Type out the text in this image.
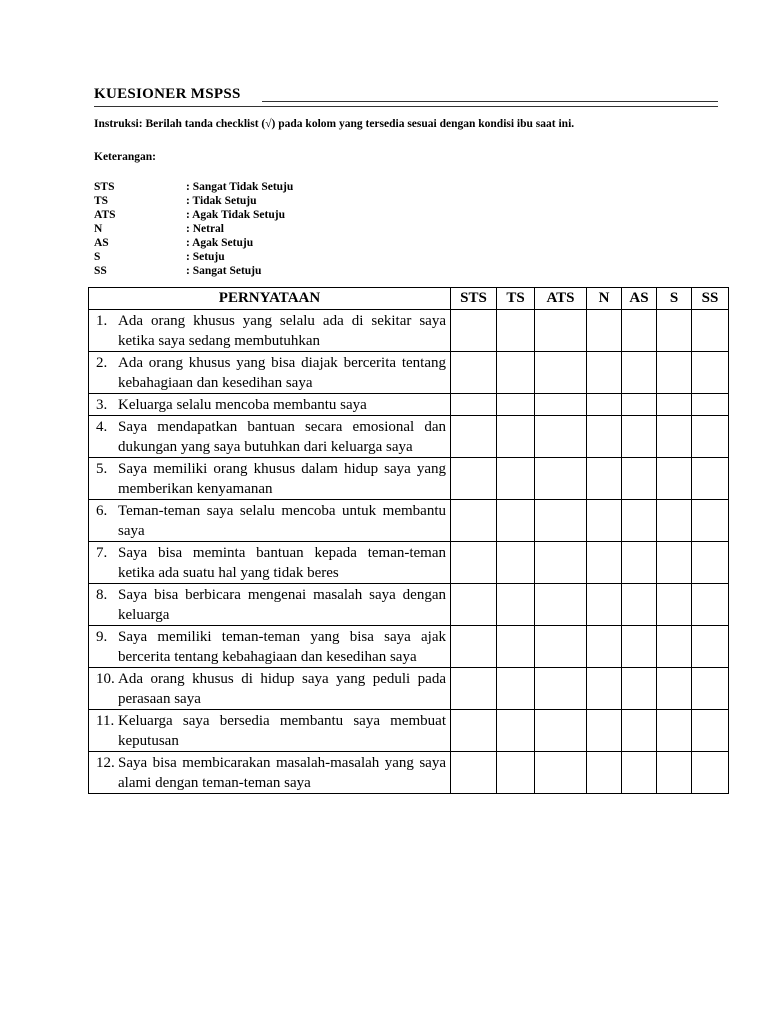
KUESIONER MSPSS
Instruksi: Berilah tanda checklist (√) pada kolom yang tersedia sesuai dengan kondisi ibu saat ini.
Keterangan:
STS	: Sangat Tidak Setuju
TS	: Tidak Setuju
ATS	: Agak Tidak Setuju
N	: Netral
AS	: Agak Setuju
S	: Setuju
SS	: Sangat Setuju
PERNYATAAN	STS	TS	ATS	N	AS	S	SS

1. Ada orang khusus yang selalu ada di sekitar saya ketika saya sedang membutuhkan							

2. Ada orang khusus yang bisa diajak bercerita tentang kebahagiaan dan kesedihan saya							

3. Keluarga selalu mencoba membantu saya							

4. Saya mendapatkan bantuan secara emosional dan dukungan yang saya butuhkan dari keluarga saya							

5. Saya memiliki orang khusus dalam hidup saya yang memberikan kenyamanan							

6. Teman-teman saya selalu mencoba untuk membantu saya							

7. Saya bisa meminta bantuan kepada teman-teman ketika ada suatu hal yang tidak beres							

8. Saya bisa berbicara mengenai masalah saya dengan keluarga							

9. Saya memiliki teman-teman yang bisa saya ajak bercerita tentang kebahagiaan dan kesedihan saya							

10. Ada orang khusus di hidup saya yang peduli pada perasaan saya							

11. Keluarga saya bersedia membantu saya membuat keputusan							

12. Saya bisa membicarakan masalah-masalah yang saya alami dengan teman-teman saya							
